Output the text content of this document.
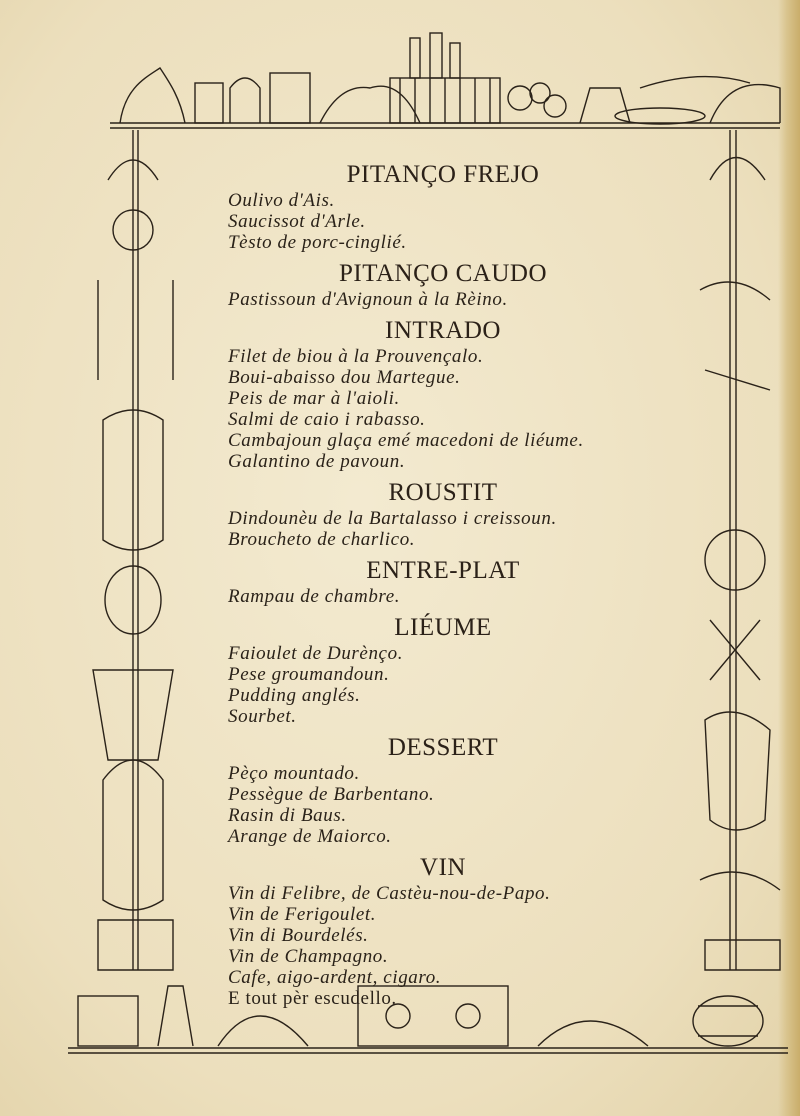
PITANÇO FREJO

Oulivo d'Ais.

Saucissot d'Arle.

Tèsto de porc-cinglié.

PITANÇO CAUDO

Pastissoun d'Avignoun à la Rèino.

INTRADO

Filet de biou à la Prouvençalo.

Boui-abaisso dou Martegue.

Peis de mar à l'aioli.

Salmi de caio i rabasso.

Cambajoun glaça emé macedoni de liéume.

Galantino de pavoun.

ROUSTIT

Dindounèu de la Bartalasso i creissoun.

Broucheto de charlico.

ENTRE-PLAT

Rampau de chambre.

LIÉUME

Faioulet de Durènço.

Pese groumandoun.

Pudding anglés.

Sourbet.

DESSERT

Pèço mountado.

Pessègue de Barbentano.

Rasin di Baus.

Arange de Maiorco.

VIN

Vin di Felibre, de Castèu-nou-de-Papo.

Vin de Ferigoulet.

Vin di Bourdelés.

Vin de Champagno.

Cafe, aigo-ardent, cigaro.

E tout pèr escudello.
